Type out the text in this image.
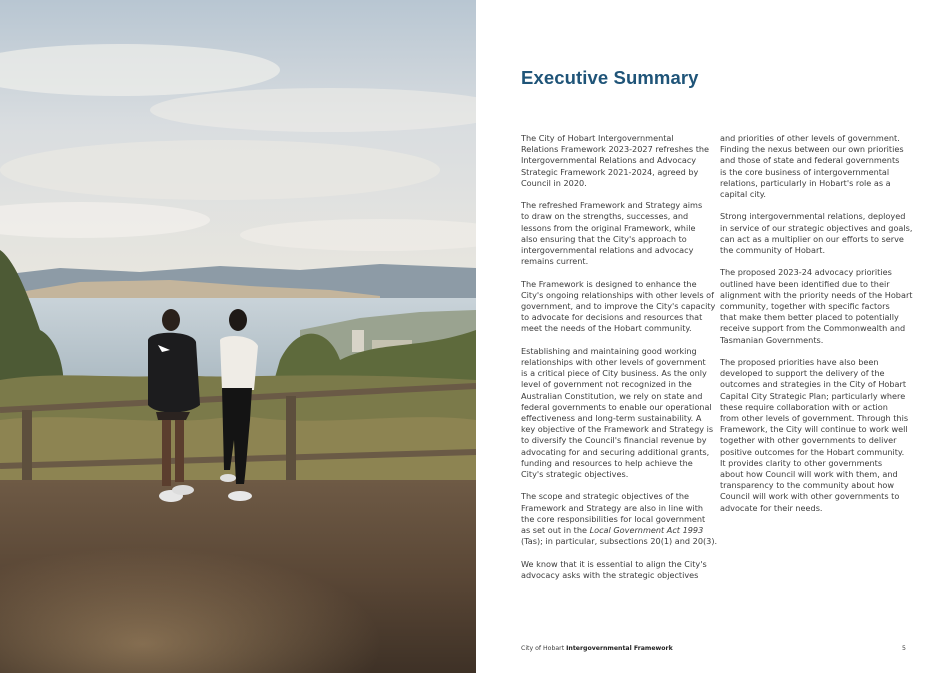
Executive Summary

The City of Hobart Intergovernmental
Relations Framework 2023-2027 refreshes the
Intergovernmental Relations and Advocacy
Strategic Framework 2021-2024, agreed by
Council in 2020.

The refreshed Framework and Strategy aims
to draw on the strengths, successes, and
lessons from the original Framework, while
also ensuring that the City's approach to
intergovernmental relations and advocacy
remains current.

The Framework is designed to enhance the
City's ongoing relationships with other levels of
government, and to improve the City's capacity
to advocate for decisions and resources that
meet the needs of the Hobart community.

Establishing and maintaining good working
relationships with other levels of government
is a critical piece of City business. As the only
level of government not recognized in the
Australian Constitution, we rely on state and
federal governments to enable our operational
effectiveness and long-term sustainability. A
key objective of the Framework and Strategy is
to diversify the Council's financial revenue by
advocating for and securing additional grants,
funding and resources to help achieve the
City's strategic objectives.

The scope and strategic objectives of the
Framework and Strategy are also in line with
the core responsibilities for local government
as set out in the Local Government Act 1993
(Tas); in particular, subsections 20(1) and 20(3).

We know that it is essential to align the City's
advocacy asks with the strategic objectives

and priorities of other levels of government.
Finding the nexus between our own priorities
and those of state and federal governments
is the core business of intergovernmental
relations, particularly in Hobart's role as a
capital city.

Strong intergovernmental relations, deployed
in service of our strategic objectives and goals,
can act as a multiplier on our efforts to serve
the community of Hobart.

The proposed 2023-24 advocacy priorities
outlined have been identified due to their
alignment with the priority needs of the Hobart
community, together with specific factors
that make them better placed to potentially
receive support from the Commonwealth and
Tasmanian Governments.

The proposed priorities have also been
developed to support the delivery of the
outcomes and strategies in the City of Hobart
Capital City Strategic Plan; particularly where
these require collaboration with or action
from other levels of government. Through this
Framework, the City will continue to work well
together with other governments to deliver
positive outcomes for the Hobart community.
It provides clarity to other governments
about how Council will work with them, and
transparency to the community about how
Council will work with other governments to
advocate for their needs.

City of Hobart Intergovernmental Framework	5
